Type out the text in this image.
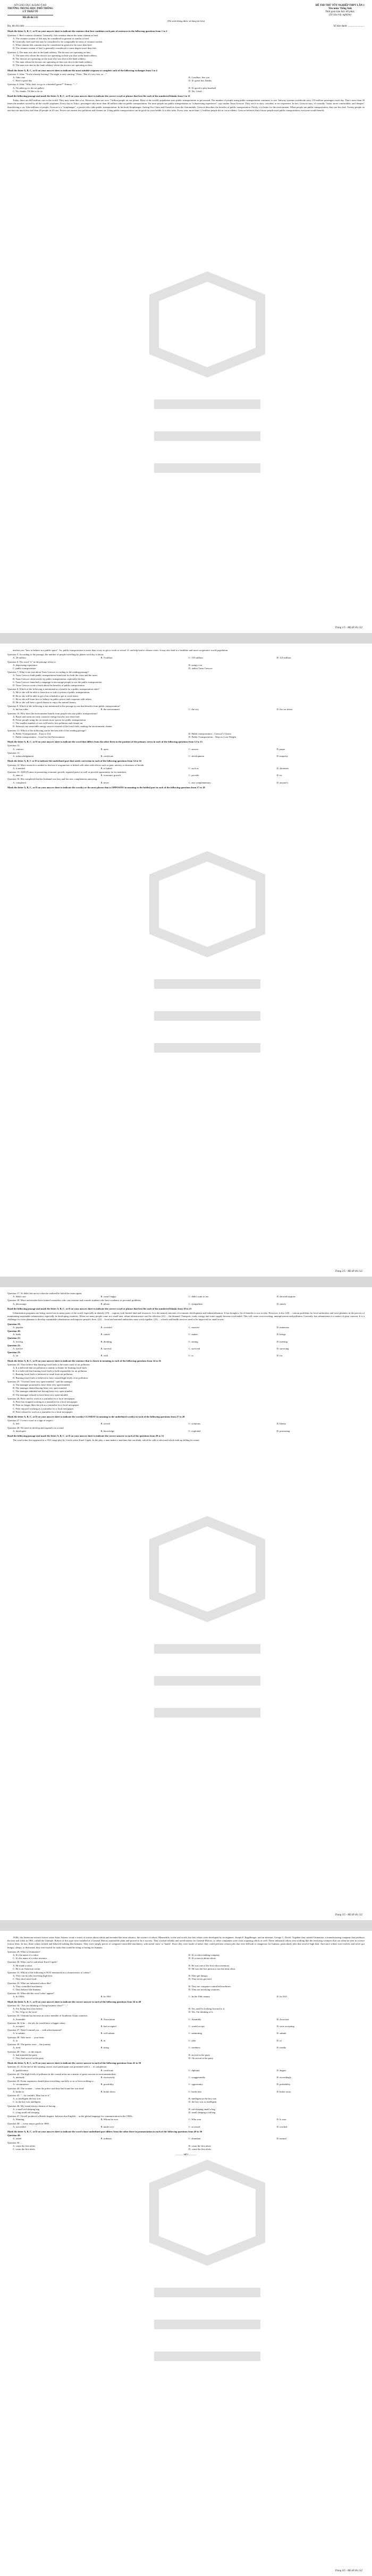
SỞ GIÁO DỤC & ĐÀO TẠO
TRƯỜNG TRUNG HỌC PHỔ THÔNG
LÝ THÁI TỔ
Mã đề thi 132
ĐỀ THI THỬ TỐT NGHIỆP THPT LẦN 1
Tên môn: Tiếng Anh
Thời gian làm bài: 60 phút;
(50 câu trắc nghiệm)
(Thí sinh không được sử dụng tài liệu)
Họ, tên thí sinh: ...........................................................	Số báo danh: .........................
Mark the letter A, B, C, or D on your answer sheet to indicate the sentence that best combines each pair of sentences in the following questions from 1 to 2
Question 1: Beef contains vitamins. Generally, fish contains almost the same vitamin as beef.
A. The vitamin content of fish may be considered in general as similar to beef.
B. Generally, beef and fish may be considered to be comparable in terms of vitamin content.
C. What vitamin fish contains may be considered in general to be more than beef.
D. The vitamin content of beef is generally considered to some degree more than fish.
Question 2: The man was shot in the bank robbery. The doctors are operating on him.
A. The man who whom the doctors are operating on him was shot in the bank robbery.
B. The doctors are operating on the man who was shot in the bank robbery.
C. The man whom the doctors are operating on him was shot in the bank robbery.
D. The man was shot in the bank robbery where the doctors are operating on him.
Mark the letter A, B, C, or D on your answer sheet to indicate the most suitable response to complete each of the following exchanges from 3 to 4
Question 3: John: "You're already leaving? The night is only starting." Peter: "But it's very late, so ..."
A. Take care	B. Goodbye. See you
C. Have a good day	D. It's great fun, thanks
Question 4: John: "Why don't we go to a baseball game?" Tommy: "..."
A. I'd rather go to the art gallery	B. It's good to play baseball
C. No, thanks. I'd like to do so	D. No, I don't
Read the following passage and mark the letter A, B, C, or D on your answer sheet to indicate the correct word or phrase that best fits each of the numbered blanks from 5 to 11
Today, there are 600 million cars in the world. They may seem like a lot. However, there are over 7 billion people on our planet. Most of the world's population uses public transportation to get around. The number of people using public transportation continues to rise. Subway systems worldwide carry 155 million passengers each day. That's more than 30 times the number carried by all the world's airplanes. Every day in Tokyo, passengers take more than 40 million rides on public transportation. Yet most people see public transportation as "a depressing experience", says author Taras Grescoe. They see it as slow, crowded, or too expensive. In fact, Grescoe says, it's actually "faster, more comfortable, and cheaper" than driving a car. Like millions of people, Grescoe is a "straphanger", a person who rides public transportation. In his book Straphanger: Saving Our Cities and Ourselves from the Automobile, Grescoe describes the benefits of public transportation. Firstly, it is better for the environment. When people use public transportation, they use less fuel. Twenty people on one bus use much less fuel than 20 people in 20 cars. Fewer cars means less pollution and cleaner air. Using public transportation can be good for your health. It is also safer. Every year, more than 1.2 million people die in car accidents. Grescoe believes that if more people used public transportation, everyone would benefit.
Trang 1/5 - Mã đề thi 132
teaches you "how to behave in a public space". So, public transportation is more than a way to get to work or school. It can help lead to cleaner cities. It may also lead to a healthier and more cooperative world population.
Question 5: According to the passage, the number of people travelling by planes each day is about:
A. 20 million	B. 5 million	C. 155 million	D. 125 million
Question 6: The word "it" in the passage refers to
A. depressing experience	B. using a car
C. public transportation	D. author Taras Grescoe
Question 7: What is not true about Taras Grescoe according to the reading passage?
A. Taras Grescoe finds public transportation beneficial for both the cities and the users.
B. Taras Grescoe often travels by public transportation, especially the bus.
C. Taras Grescoe launched a campaign to encourage people to use the public transportation.
D. Taras Grescoe wrote a book about the benefits of public transportation.
Question 8: Which of the following is mentioned as a benefit for a public transportation rider?
A. He or she will be able to learn how to ride a system of public transportation.
B. He or she will be able to get a bus schedule to get to work faster.
C. He or she will learn how to behave in public places and cooperate with others.
D. He or she will have a good chance to enjoy the natural beauty.
Question 9: Which of the following is not mentioned in the passage as one that benefits from public transportation?
A. the bus rides	B. the environment	C. the city	D. the car driver
Question 10: How does the environment benefit from people who use public transportation?
A. Buses and trains not only conserve energy but also use clean fuel.
B. Fewer people using the car means more spaces for public transportation.
C. The smaller number of cars will lead to less pollution and cleaner air.
D. Subways use renewable energy sources instead of the fossil fuels, making the environment cleaner.
Question 11: Which of the following can be the best title of the reading passage?
A. Public Transportation – Easy to Use	B. Public transportation – Grescoe's Choice
C. Public transportation – Good for the Environment	D. Public Transportation – Ways to Lose Weight
Mark the letter A, B, C, or D on your answer sheet to indicate the word that differs from the other three in the position of the primary stress in each of the following questions from 12 to 13
Question 12:
A. contract	B. open	C. answer	D. paper
Question 13:
A. acknowledgement	B. certificate	C. development	D. majority
Mark the letter A, B, C or D to indicate the underlined part that needs correction in each of the following questions from 14 to 16
Question 14: More research is needed to find out if acupuncture is linked with other side effects such as pain, anxiety or shortness of breath.
A. is needed	B. is linked	C. such as	D. shortness
Question 15: ASEAN aims at promoting economic growth, regional peace as well as provide opportunity for its members.
A. aims at	B. economic growth	C. provide	D. its
Question 16: She completed that her husband was lazy and her new complements annoying.
A. completed	B. never	C. any complementary	D. anyone's
Mark the letter A, B, C, or D on your answer sheet to indicate the word(s) or the most phrase that is OPPOSITE in meaning to the bolded part in each of the following questions from 17 to 18
Trang 2/5 - Mã đề thi 132
Question 17: To didn't hat an eye when he realized he failed the exam again.
A. didn't care	B. wasn't happy	C. didn't want to see	D. showed surprise
Question 18: More universities have trained counselors who can reassure and console students who have academic or personal problems.
A. discourage	B. please	C. sympathize	D. satisfy
Read the following passage and mark the letter A, B, C, or D on your answer sheet to indicate the correct word or phrase that best fits each of the numbered blanks from 19 to 23
Urbanization programs are being carried out in many parts of the world, especially in densely (19) ... regions with limited land and resources. It is the natural outcome of economic development and industrialization. It has brought a lot of benefits to our society. However, it also (20) ... various problems for local authorities and town planners in the process of maintaining sustainable urbanization, especially in developing countries. When too many people come in a small area, urban infrastructure can't be effective (21) ... the demand. Transport, roads, energy and water supply become overloaded. This will create overcrowding, unemployment and pollution. Currently, fast urbanization is a matter of great concern. It is a challenge for town planners to develop sustainable urbanization and improve people's lives. (22) ... local and national authorities must work together. (23) ... schools and health services need to be improved for small towns.
Question 19:
A. popular	B. crowded	C. massive	D. numerous
Question 20:
A. leads	B. causes	C. makes	D. brings
Question 21:
A. forcing	B. dividing	C. setting	D. meeting
Question 22:
A. survive	B. survival	C. survived	D. surviving
Question 23:
A. on	B. with	C. to	D. for
Mark the letter A, B, C, or D on your answer sheet to indicate the sentence that is closest in meaning to each of the following questions from 24 to 26
Question 24: They believe that burning fossil fuels is the main cause of air pollution.
A. It is believed that air pollution is mainly to blame for burning fossil fuels.
B. It is believed that burning fossil fuels is held responsible for air pollution.
C. Burning fossil fuels is believed to result from air pollution.
D. Burning fossil fuels is believed to have caused high levels of air pollution.
Question 25: "I haven't been very open-minded," said the manager.
A. The manager promised to have been very open-minded.
B. The manager denied having been very open-minded.
C. The manager admitted not having been very open-minded.
D. The manager refused to have been very open-minded.
Question 26: Peter used to work as a journalist for a local newspaper.
A. Peter has stopped working as a journalist for a local newspaper.
B. Peter no longer likes the job as a journalist for a local newspaper.
C. Peter enjoyed working as a journalist for a local newspaper.
D. Peter refused to work as a journalist for a local newspaper.
Mark the letter A, B, C, or D on your answer sheet to indicate the word(s) CLOSEST in meaning to the underlined word(s) in each of the following questions from 27 to 28
Question 27: I wear a scarf as a sign of respect.
A. feel	B. served	C. solutions	D. liberty
Question 28: We need to develop and expand it as a trend.
A. developed	B. knowledge	C. exploded	D. promoting
Read the following passage and mark the letter A, B, C, or D on your answer sheet to indicate the correct answer to each of the questions from 29 to 33
The word robot first appeared in a 1921 stage play by Czech writer Karel Capek. In the play, a man makes a machine that can think, which he calls a robot and which ends up killing its owner.
Trang 3/5 - Mã đề thi 132
1940s, the American science fiction writer Isaac Asimov wrote a series of stories about robots and invented the term robotics, the science of robots. Meanwhile, in the real world, the first robots were developed by an engineer, Joseph F. Engelberger, and an inventor, George C. Devol. Together they started Unimation, a manufacturing company that produces the first real robot in 1961, called the Unimate. Robots of this type were installed at a General Motors automobile plant and proved to be a success. They worked reliably and saved money for General Motors, so other companies were soon acquiring robots as well. These industrial robots were nothing like the terrifying creatures that can often be seen in science fiction films. In fact, these robots looked and behaved nothing like humans. They were simply pieces of computer-controlled machinery, with metal 'arms' or 'hands'. Since they were made of metal, they could perform certain jobs that were difficult or dangerous for humans, particularly jobs that involve high heat. And since robots were tireless and never got hungry, sleepy, or distracted, they were useful for tasks that would be tiring or boring for humans.
Question 29: What is Unimation?
A. It's the name of a robot.	B. It's a robot-making company.
C. It's the name of a robot inventor.	D. It's a movie about robots.
Question 30: What can be said about Karel Capek?
A. He made a robot.	B. He was one of the first robot inventors.
C. He is an American writer.	D. He was the first person to use the term robot.
Question 31: Which of the following is NOT mentioned as a characteristic of robots?
A. They can do jobs involving high heat.	B. They get hungry.
C. They don't need food.	D. They never get tired.
Question 32: What are industrial robots like?
A. They controlled machinery.	B. They are computer-controlled machines.
C. They behave like humans.	D. They are terrifying creatures.
Question 33: When did the word 'robot' appear?
A. In 1940s	B. In 1961	C. In the 19th century	D. In 1921
Mark the letter A, B, C, or D on your answer sheet to indicate the correct answer to each of the following questions from 34 to 40
Question 34: "Are you thinking of flying business class?" "..."
A. I've flying first class before.	B. Yes, and I'm looking forward to it.
C. No, I'd go to the store.	D. Yes, I'm thinking of it.
Question 35: Vietnam has become an active member of Southeast Asian countries.
A. Assemble	B. Association	C. Assembly	D. Associate
Question 36: If he ... the job, he would have a bigger salary.
A. accepted	B. had accepted	C. would accept	D. were accepting
Question 37: Need I remind you ... with advertisement?
A. to submit	B. will submit	C. submitting	D. submit
Question 38: Take more ... your heart.
A. to	B. in	C. after	D. of
Question 39: The guests were ... the journey.
A. tired	B. tiring	C. tiredness	D. tiredly
Question 40: They ... to the airport.
A. had attended the party	B. arrived at the party
C. They had arrived at the party	D. On arrival at the party
Mark the letter A, B, C, or D on your answer sheet to indicate the correct answer to each of the following questions from 41 to 50
Question 41: At the end of the training course, each participant was presented with a ... of completion.
A. qualification	B. certificate	C. diploma	D. degree
Question 42: The high levels of pollution in the coastal areas are a matter of great concern to environmentalists.
A. intensely	B. excessively	C. exaggeratedly	D. exceedingly
Question 43: Event organisers should plan everything carefully so as to leave nothing to ...
A. circumstance	B. possibility	C. opportunity	D. probability
Question 44: The woman ... when the police said they had found her son dead.
A. broke in	B. broke down	C. broke into	D. broke away
Question 45: "... he couldn't. Max fast in it."
A. so intelligent the boy was	B. intelligent as the boy was
C. as the boy was intelligent	D. the boy was so intelligent
Question 46: My friend always dreams of having ...
A. a small red sleeping bag	B. red sleeping small a bag
C. a bag small red sleeping	D. small sleeping a red bag
Question 47: Orwell produced a British linguist, believes that English ... as the global language for communication in the 1990s.
A. Winning	B. Whom he won	C. Who won	D. Is won
Question 48: ... every major grade in 3000.
A. succeeded	B. made over	C. accessed	D. reached
Mark the letter A, B, C, or D on your answer sheet to indicate the word whose underlined part differs from the other three in pronunciation in each of the following questions from 49 to 50
Question 49:
A. tasted	B. ordinary	C. abundant	D. natural
Question 50: ...
A. cause the first alerts	B. cause the first alerts
C. cause the first alerts	D. cause the first alerts
——— HẾT ———
Trang 4/5 - Mã đề thi 132
